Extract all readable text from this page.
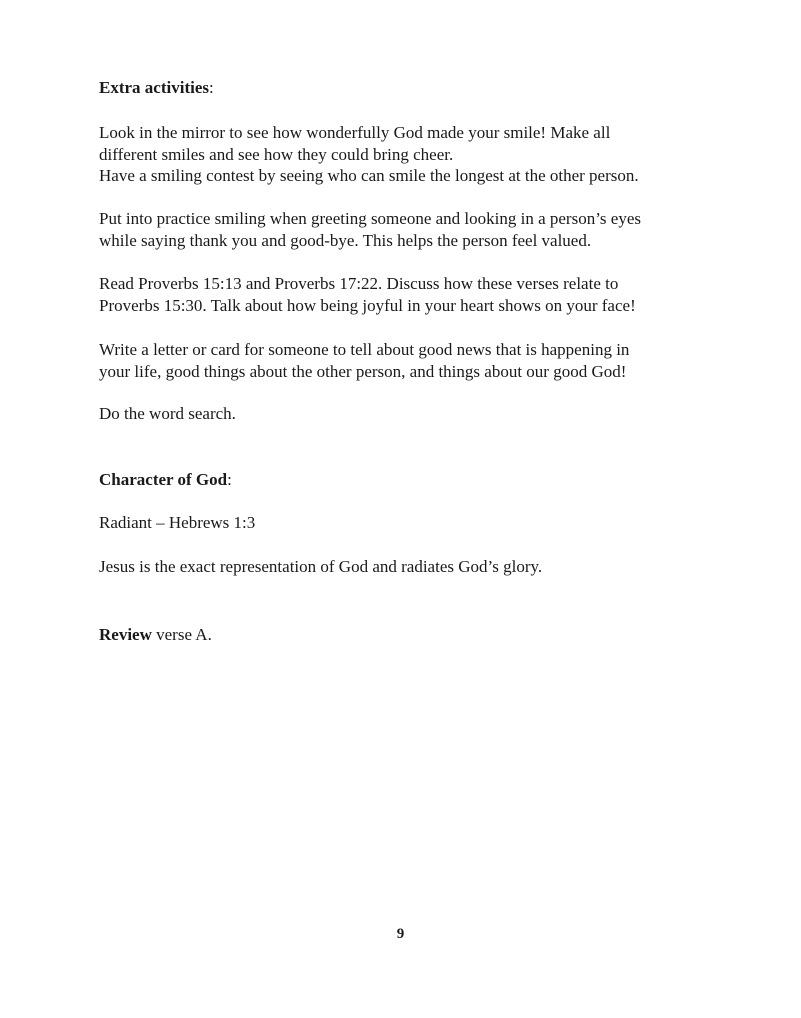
Extra activities:
Look in the mirror to see how wonderfully God made your smile! Make all
different smiles and see how they could bring cheer.
Have a smiling contest by seeing who can smile the longest at the other person.
Put into practice smiling when greeting someone and looking in a person’s eyes
while saying thank you and good-bye. This helps the person feel valued.
Read Proverbs 15:13 and Proverbs 17:22. Discuss how these verses relate to
Proverbs 15:30. Talk about how being joyful in your heart shows on your face!
Write a letter or card for someone to tell about good news that is happening in
your life, good things about the other person, and things about our good God!
Do the word search.
Character of God:
Radiant – Hebrews 1:3
Jesus is the exact representation of God and radiates God’s glory.
Review verse A.
9
